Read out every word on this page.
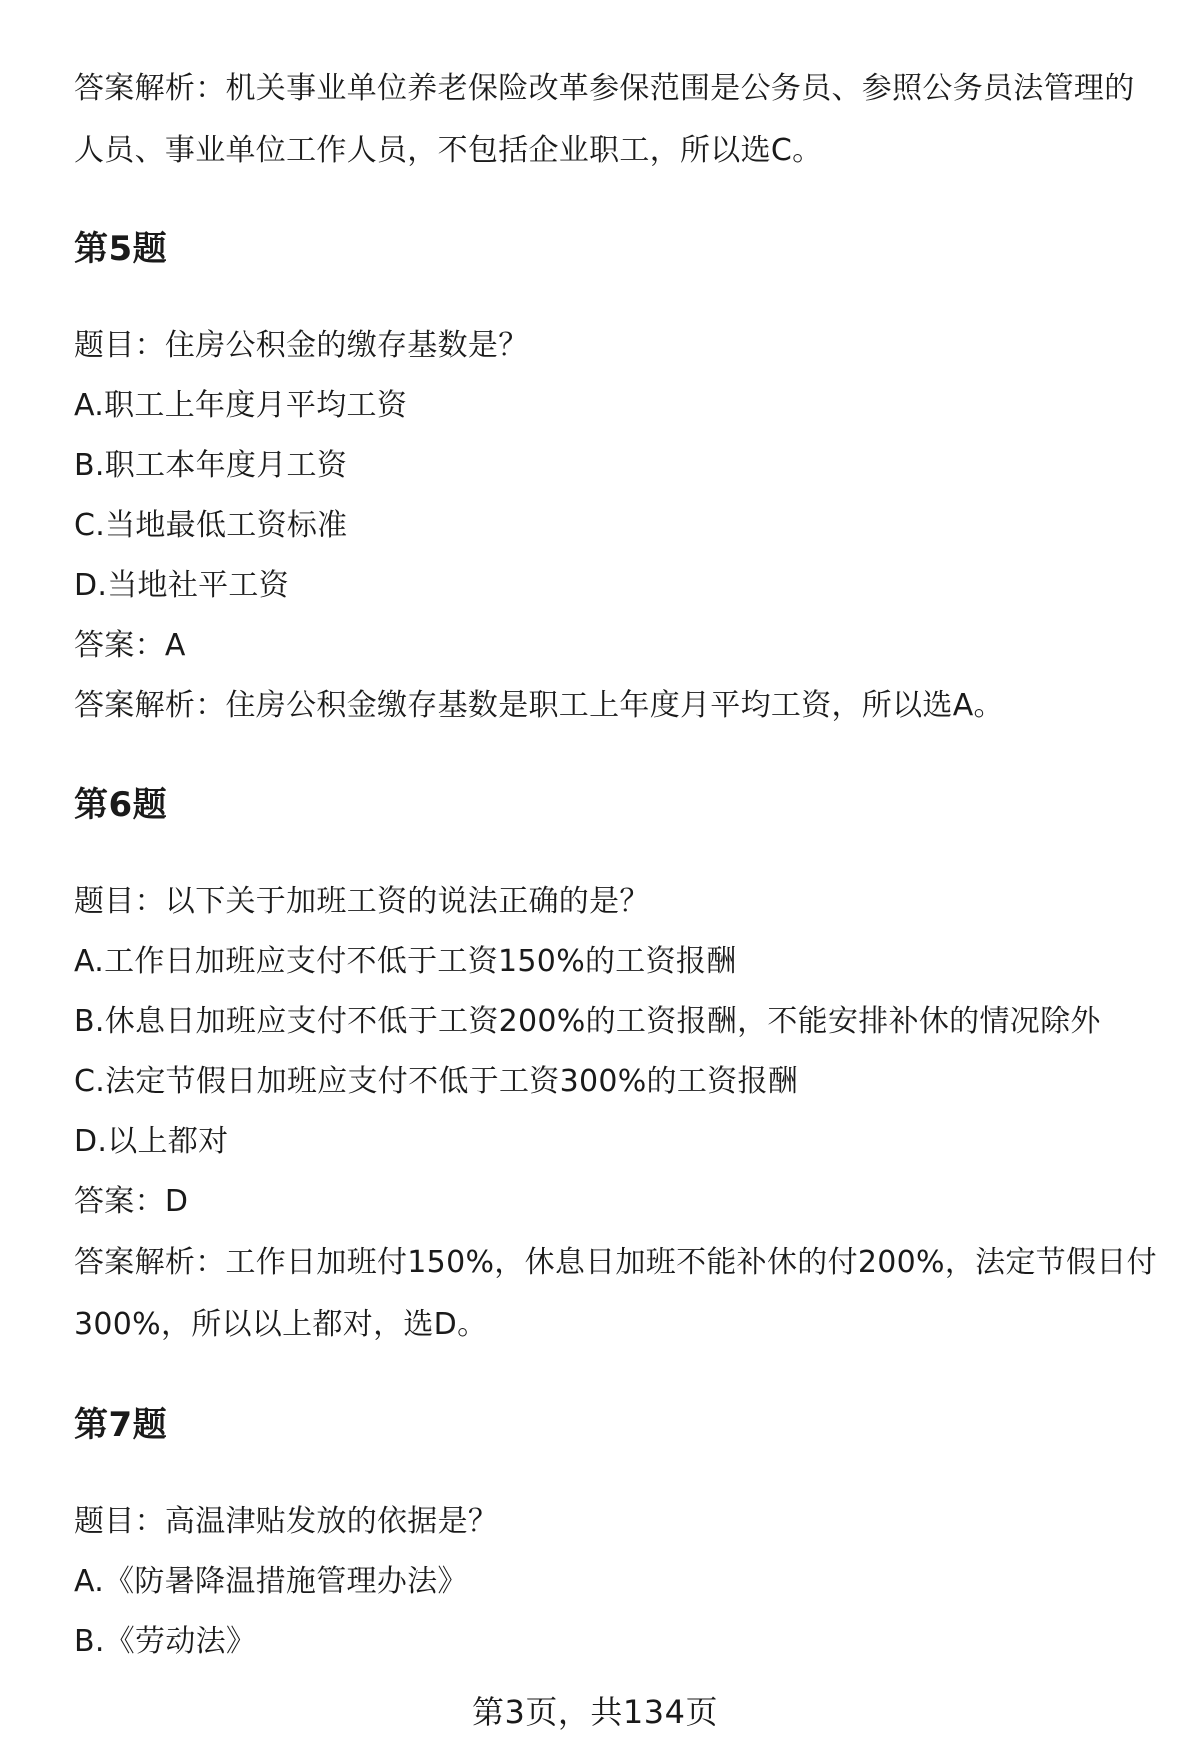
答案解析：机关事业单位养老保险改革参保范围是公务员、参照公务员法管理的人员、事业单位工作人员，不包括企业职工，所以选C。
第5题
题目：住房公积金的缴存基数是？
A.职工上年度月平均工资
B.职工本年度月工资
C.当地最低工资标准
D.当地社平工资
答案：A
答案解析：住房公积金缴存基数是职工上年度月平均工资，所以选A。
第6题
题目：以下关于加班工资的说法正确的是？
A.工作日加班应支付不低于工资150%的工资报酬
B.休息日加班应支付不低于工资200%的工资报酬，不能安排补休的情况除外
C.法定节假日加班应支付不低于工资300%的工资报酬
D.以上都对
答案：D
答案解析：工作日加班付150%，休息日加班不能补休的付200%，法定节假日付300%，所以以上都对，选D。
第7题
题目：高温津贴发放的依据是？
A.《防暑降温措施管理办法》
B.《劳动法》
第3页，共134页
